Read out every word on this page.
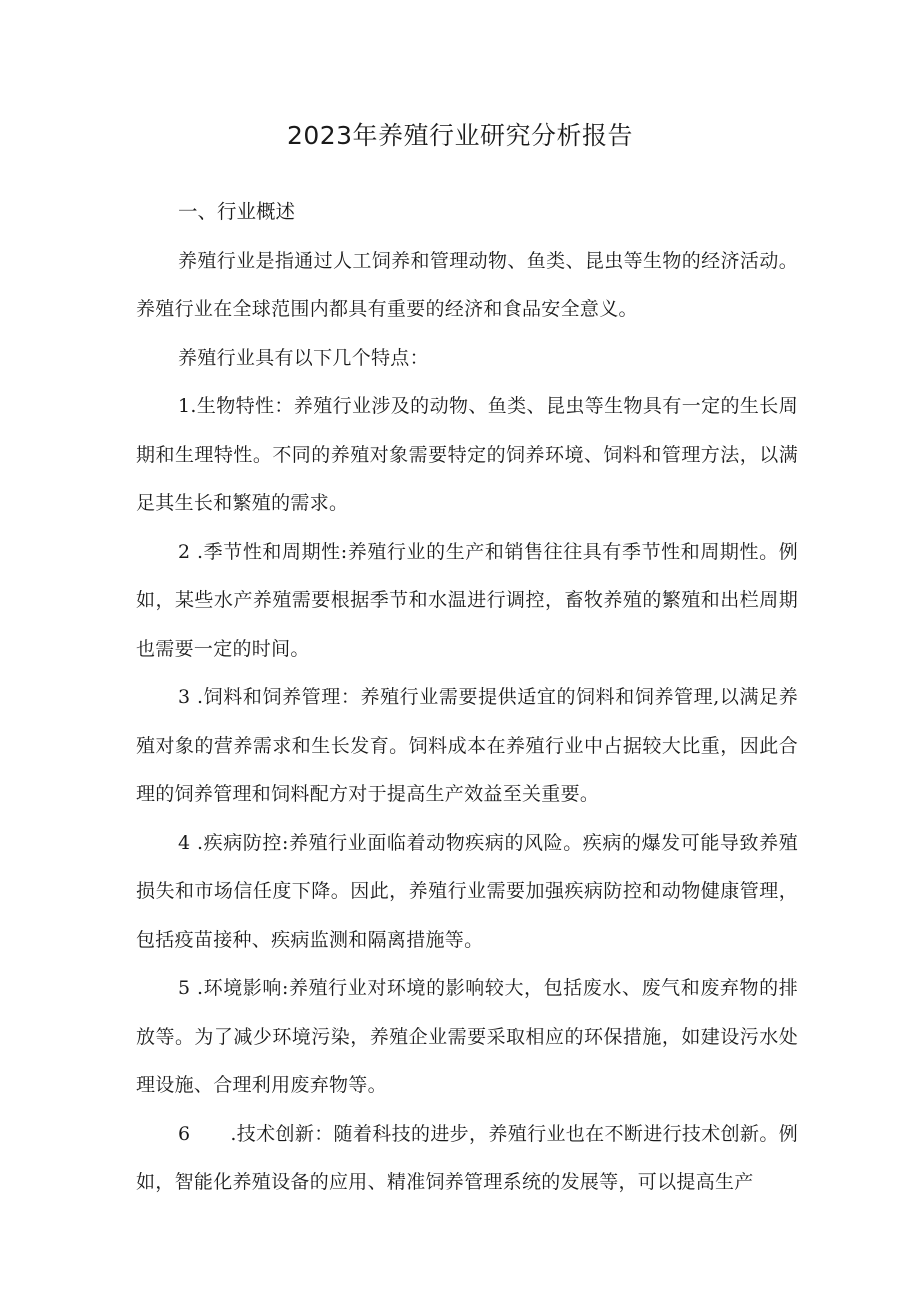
2023年养殖行业研究分析报告

一、行业概述

养殖行业是指通过人工饲养和管理动物、鱼类、昆虫等生物的经济活动。养殖行业在全球范围内都具有重要的经济和食品安全意义。

养殖行业具有以下几个特点：

1.生物特性：养殖行业涉及的动物、鱼类、昆虫等生物具有一定的生长周期和生理特性。不同的养殖对象需要特定的饲养环境、饲料和管理方法，以满足其生长和繁殖的需求。

2 .季节性和周期性:养殖行业的生产和销售往往具有季节性和周期性。例如，某些水产养殖需要根据季节和水温进行调控，畜牧养殖的繁殖和出栏周期也需要一定的时间。

3 .饲料和饲养管理：养殖行业需要提供适宜的饲料和饲养管理,以满足养殖对象的营养需求和生长发育。饲料成本在养殖行业中占据较大比重，因此合理的饲养管理和饲料配方对于提高生产效益至关重要。

4 .疾病防控:养殖行业面临着动物疾病的风险。疾病的爆发可能导致养殖损失和市场信任度下降。因此，养殖行业需要加强疾病防控和动物健康管理，包括疫苗接种、疾病监测和隔离措施等。

5 .环境影响:养殖行业对环境的影响较大，包括废水、废气和废弃物的排放等。为了减少环境污染，养殖企业需要采取相应的环保措施，如建设污水处理设施、合理利用废弃物等。

6 .技术创新：随着科技的进步，养殖行业也在不断进行技术创新。例如，智能化养殖设备的应用、精准饲养管理系统的发展等，可以提高生产
